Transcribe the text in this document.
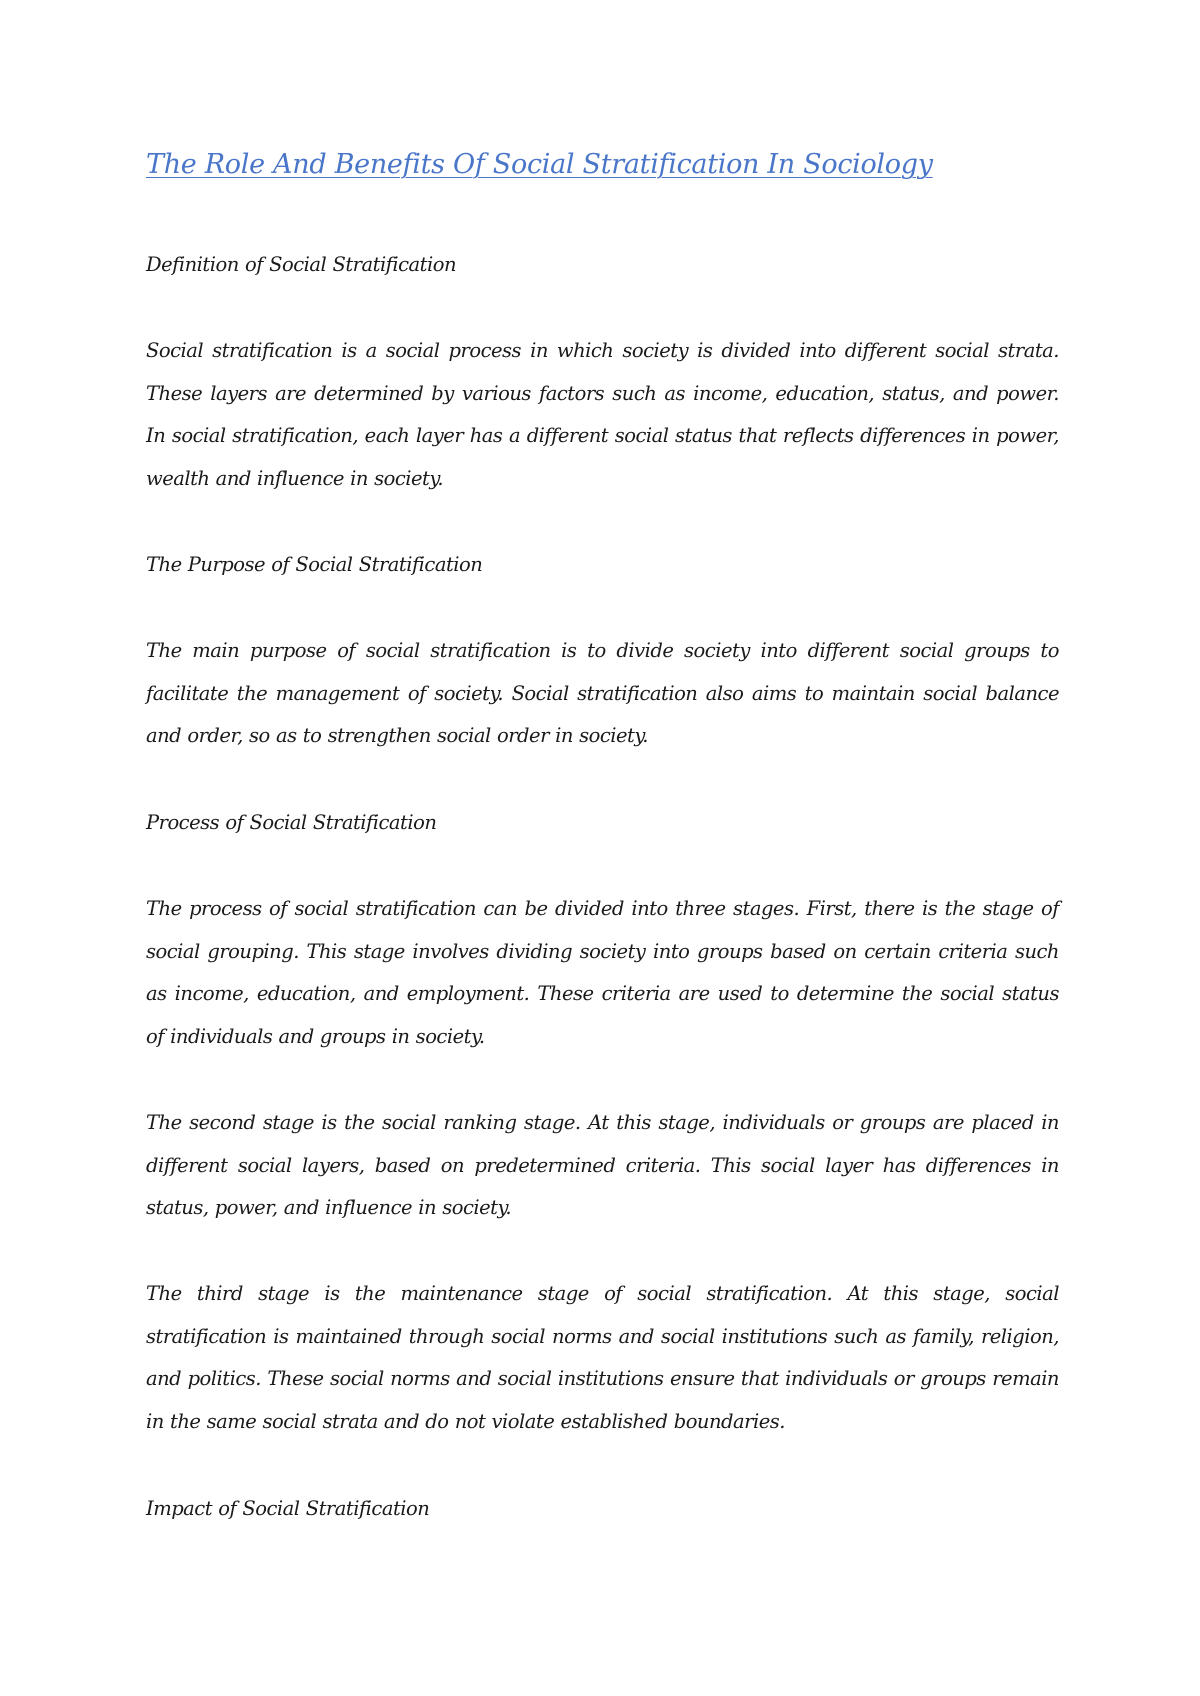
The Role And Benefits Of Social Stratification In Sociology

Definition of Social Stratification

Social stratification is a social process in which society is divided into different social strata. These layers are determined by various factors such as income, education, status, and power. In social stratification, each layer has a different social status that reflects differences in power, wealth and influence in society.

The Purpose of Social Stratification

The main purpose of social stratification is to divide society into different social groups to facilitate the management of society. Social stratification also aims to maintain social balance and order, so as to strengthen social order in society.

Process of Social Stratification

The process of social stratification can be divided into three stages. First, there is the stage of social grouping. This stage involves dividing society into groups based on certain criteria such as income, education, and employment. These criteria are used to determine the social status of individuals and groups in society.

The second stage is the social ranking stage. At this stage, individuals or groups are placed in different social layers, based on predetermined criteria. This social layer has differences in status, power, and influence in society.

The third stage is the maintenance stage of social stratification. At this stage, social stratification is maintained through social norms and social institutions such as family, religion, and politics. These social norms and social institutions ensure that individuals or groups remain in the same social strata and do not violate established boundaries.

Impact of Social Stratification
